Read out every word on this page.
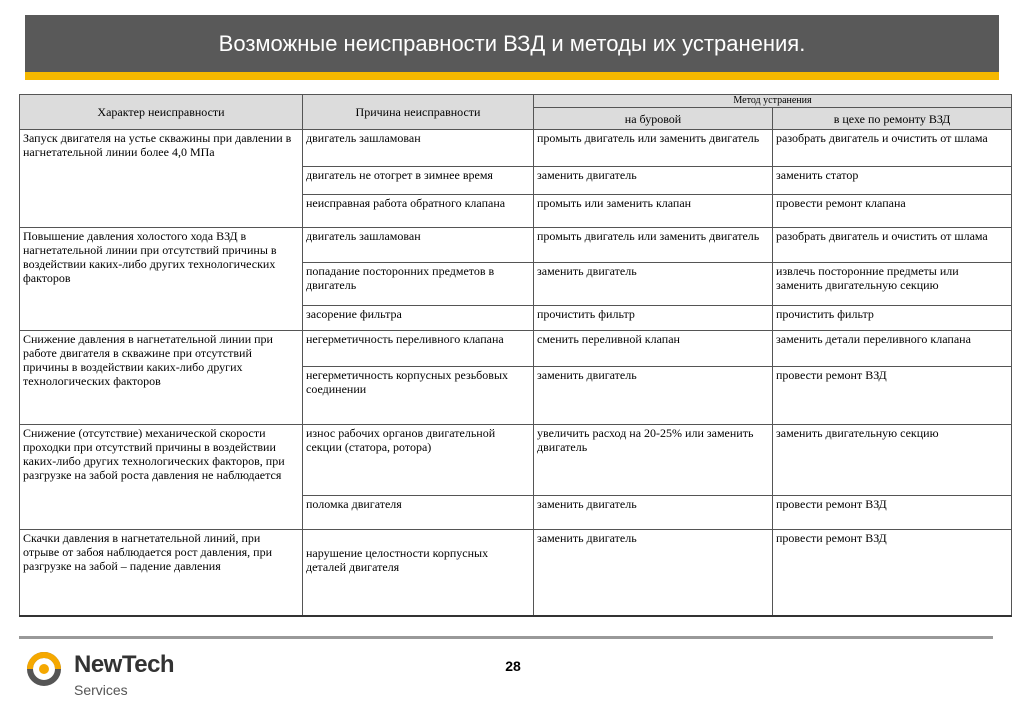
Возможные неисправности ВЗД и методы их устранения.
Характер неисправности	Причина неисправности	Метод устранения	
		на буровой	в цехе по ремонту ВЗД
Запуск двигателя на устье скважины при давлении в нагнетательной линии более 4,0 МПа	двигатель зашламован	промыть двигатель или заменить двигатель	разобрать двигатель и очистить от шлама
	двигатель не отогрет в зимнее время	заменить двигатель	заменить статор
	неисправная работа обратного клапана	промыть или заменить клапан	провести ремонт клапана
Повышение давления холостого хода ВЗД в нагнетательной линии при отсутствий причины в воздействии каких-либо других технологических факторов	двигатель зашламован	промыть двигатель или заменить двигатель	разобрать двигатель и очистить от шлама
	попадание посторонних предметов в двигатель	заменить двигатель	извлечь посторонние предметы или заменить двигательную секцию
	засорение фильтра	прочистить фильтр	прочистить фильтр
Снижение давления в нагнетательной линии при работе двигателя в скважине при отсутствий причины в воздействии каких-либо других технологических факторов	негерметичность переливного клапана	сменить переливной клапан	заменить детали переливного клапана
	негерметичность корпусных резьбовых соединении	заменить двигатель	провести ремонт ВЗД
Снижение (отсутствие) механической скорости проходки при отсутствий причины в воздействии каких-либо других технологических факторов, при разгрузке на забой роста давления не наблюдается	износ рабочих органов двигательной секции (статора, ротора)	увеличить расход на 20-25% или заменить двигатель	заменить двигательную секцию
	поломка двигателя	заменить двигатель	провести ремонт ВЗД
Скачки давления в нагнетательной линий, при отрыве от забоя наблюдается рост давления, при разгрузке на забой – падение давления	нарушение целостности корпусных деталей двигателя	заменить двигатель	провести ремонт ВЗД
NewTech
Services
28
